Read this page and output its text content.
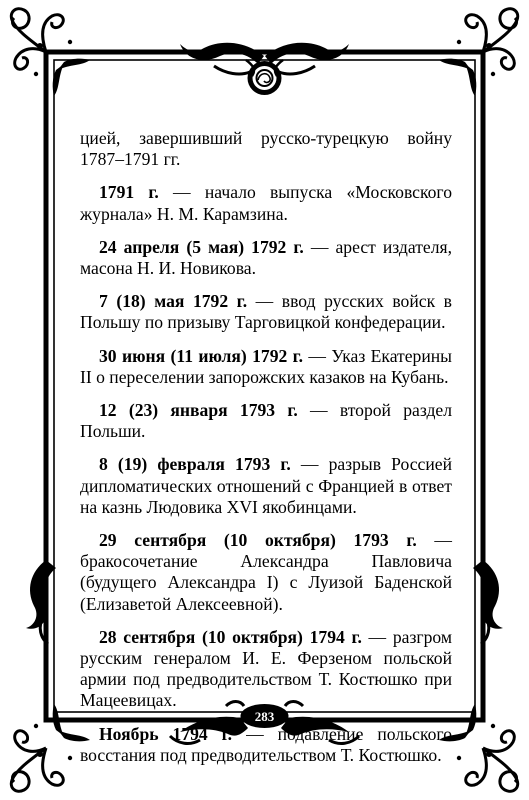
цией, завершивший русско-турецкую войну 1787–1791 гг.

1791 г. — начало выпуска «Московского журнала» Н. М. Карамзина.

24 апреля (5 мая) 1792 г. — арест издателя, масона Н. И. Новикова.

7 (18) мая 1792 г. — ввод русских войск в Польшу по призыву Тарговицкой конфедерации.

30 июня (11 июля) 1792 г. — Указ Екатерины II о переселении запорожских казаков на Кубань.

12 (23) января 1793 г. — второй раздел Польши.

8 (19) февраля 1793 г. — разрыв Россией дипломатических отношений с Францией в ответ на казнь Людовика XVI якобинцами.

29 сентября (10 октября) 1793 г. — бракосочетание Александра Павловича (будущего Александра I) с Луизой Баденской (Елизаветой Алексеевной).

28 сентября (10 октября) 1794 г. — разгром русским генералом И. Е. Ферзеном польской армии под предводительством Т. Костюшко при Мацеевицах.

Ноябрь 1794 г. — подавление польского восстания под предводительством Т. Костюшко.

283
